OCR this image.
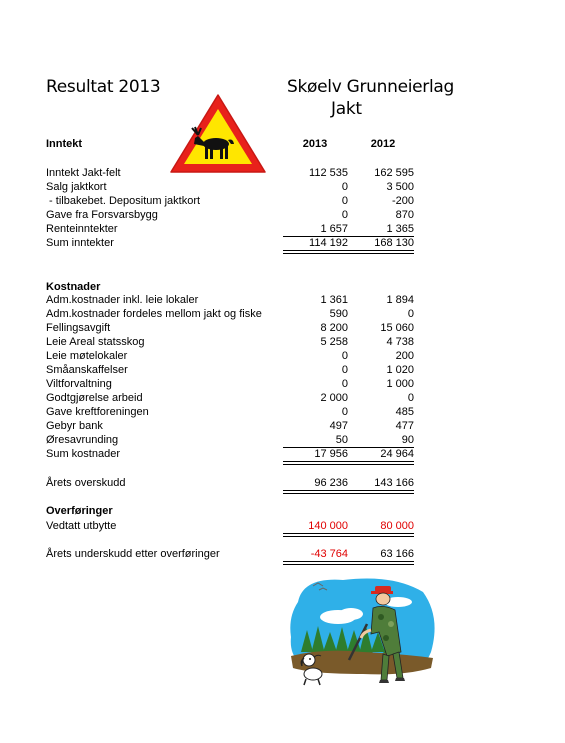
Resultat 2013	Skøelv Grunneierlag
Jakt
Inntekt	2013	2012
Inntekt Jakt-felt	112 535	162 595
Salg jaktkort	0	3 500
- tilbakebet. Depositum jaktkort	0	-200
Gave fra Forsvarsbygg	0	870
Renteinntekter	1 657	1 365
Sum inntekter	114 192	168 130
Kostnader
Adm.kostnader inkl. leie lokaler	1 361	1 894
Adm.kostnader fordeles mellom jakt og fiske	590	0
Fellingsavgift	8 200	15 060
Leie Areal statsskog	5 258	4 738
Leie møtelokaler	0	200
Småanskaffelser	0	1 020
Viltforvaltning	0	1 000
Godtgjørelse arbeid	2 000	0
Gave kreftforeningen	0	485
Gebyr bank	497	477
Øresavrunding	50	90
Sum kostnader	17 956	24 964
Årets overskudd	96 236	143 166
Overføringer
Vedtatt utbytte	140 000	80 000
Årets underskudd etter overføringer	-43 764	63 166
